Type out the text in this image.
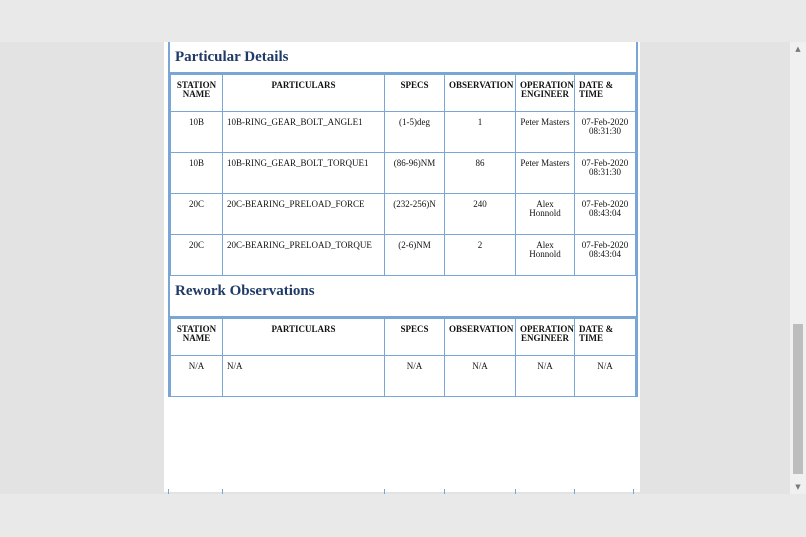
Particular Details
STATION NAME	PARTICULARS	SPECS	OBSERVATION	OPERATION ENGINEER	DATE & TIME
10B	10B-RING_GEAR_BOLT_ANGLE1	(1-5)deg	1	Peter Masters	07-Feb-2020 08:31:30
10B	10B-RING_GEAR_BOLT_TORQUE1	(86-96)NM	86	Peter Masters	07-Feb-2020 08:31:30
20C	20C-BEARING_PRELOAD_FORCE	(232-256)N	240	Alex Honnold	07-Feb-2020 08:43:04
20C	20C-BEARING_PRELOAD_TORQUE	(2-6)NM	2	Alex Honnold	07-Feb-2020 08:43:04
Rework Observations
STATION NAME	PARTICULARS	SPECS	OBSERVATION	OPERATION ENGINEER	DATE & TIME
N/A	N/A	N/A	N/A	N/A	N/A
▲
▼
